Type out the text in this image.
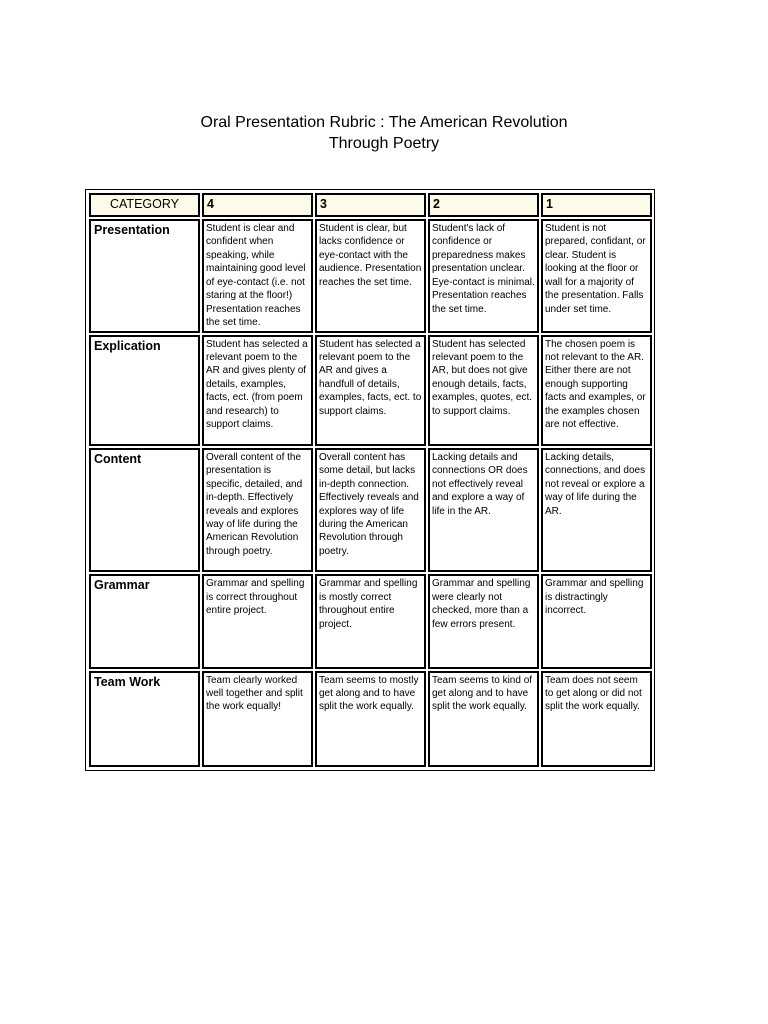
Oral Presentation Rubric : The American Revolution
Through Poetry
CATEGORY	4	3	2	1
Presentation	Student is clear and confident when speaking, while maintaining good level of eye-contact (i.e. not staring at the floor!) Presentation reaches the set time.	Student is clear, but lacks confidence or eye-contact with the audience. Presentation reaches the set time.	Student's lack of confidence or preparedness makes presentation unclear. Eye-contact is minimal. Presentation reaches the set time.	Student is not prepared, confidant, or clear. Student is looking at the floor or wall for a majority of the presentation. Falls under set time.
Explication	Student has selected a relevant poem to the AR and gives plenty of details, examples, facts, ect. (from poem and research) to support claims.	Student has selected a relevant poem to the AR and gives a handfull of details, examples, facts, ect. to support claims.	Student has selected relevant poem to the AR, but does not give enough details, facts, examples, quotes, ect. to support claims.	The chosen poem is not relevant to the AR. Either there are not enough supporting facts and examples, or the examples chosen are not effective.
Content	Overall content of the presentation is specific, detailed, and in-depth. Effectively reveals and explores way of life during the American Revolution through poetry.	Overall content has some detail, but lacks in-depth connection. Effectively reveals and explores way of life during the American Revolution through poetry.	Lacking details and connections OR does not effectively reveal and explore a way of life in the AR.	Lacking details, connections, and does not reveal or explore a way of life during the AR.
Grammar	Grammar and spelling is correct throughout entire project.	Grammar and spelling is mostly correct throughout entire project.	Grammar and spelling were clearly not checked, more than a few errors present.	Grammar and spelling is distractingly incorrect.
Team Work	Team clearly worked well together and split the work equally!	Team seems to mostly get along and to have split the work equally.	Team seems to kind of get along and to have split the work equally.	Team does not seem to get along or did not split the work equally.
